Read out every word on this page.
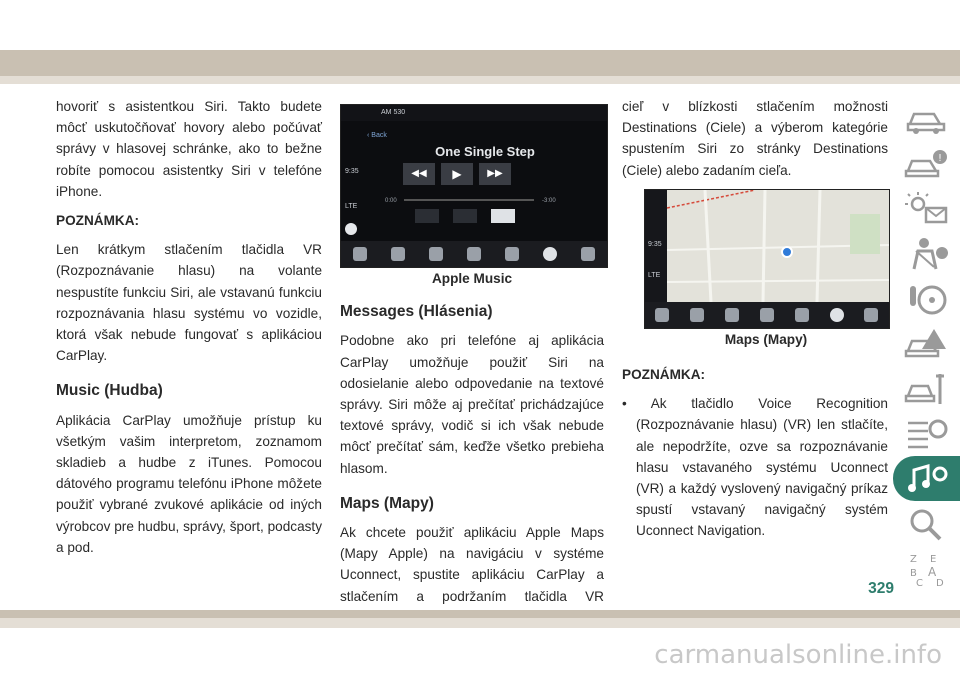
hovoriť s asistentkou Siri. Takto budete môcť uskutočňovať hovory alebo počúvať správy v hlasovej schránke, ako to bežne robíte pomocou asistentky Siri v telefóne iPhone.

POZNÁMKA:

Len krátkym stlačením tlačidla VR (Rozpoznávanie hlasu) na volante nespustíte funkciu Siri, ale vstavanú funkciu rozpoznávania hlasu systému vo vozidle, ktorá však nebude fungovať s aplikáciou CarPlay.

Music (Hudba)

Aplikácia CarPlay umožňuje prístup ku všetkým vašim interpretom, zoznamom skladieb a hudbe z iTunes. Pomocou dátového programu telefónu iPhone môžete použiť vybrané zvukové aplikácie od iných výrobcov pre hudbu, správy, šport, podcasty a pod.

AM 530
‹ Back
9:35
LTE
One Single Step
◀◀	▶	▶▶
0:00	-3:00

Apple Music

Messages (Hlásenia)

Podobne ako pri telefóne aj aplikácia CarPlay umožňuje použiť Siri na odosielanie alebo odpovedanie na textové správy. Siri môže aj prečítať prichádzajúce textové správy, vodič si ich však nebude môcť prečítať sám, keďže všetko prebieha hlasom.

Maps (Mapy)

Ak chcete použiť aplikáciu Apple Maps (Mapy Apple) na navigáciu v systéme Uconnect, spustite aplikáciu CarPlay a stlačením a podržaním tlačidla VR

cieľ v blízkosti stlačením možnosti Destinations (Ciele) a výberom kategórie spustením Siri zo stránky Destinations (Ciele) alebo zadaním cieľa.

9:35
LTE

Maps (Mapy)

POZNÁMKA:

• Ak tlačidlo Voice Recognition (Rozpoznávanie hlasu) (VR) len stlačíte, ale nepodržíte, ozve sa rozpoznávanie hlasu vstavaného systému Uconnect (VR) a každý vyslovený navigačný príkaz spustí vstavaný navigačný systém Uconnect Navigation.

!
Z E
B A
C D
329
carmanualsonline.info
